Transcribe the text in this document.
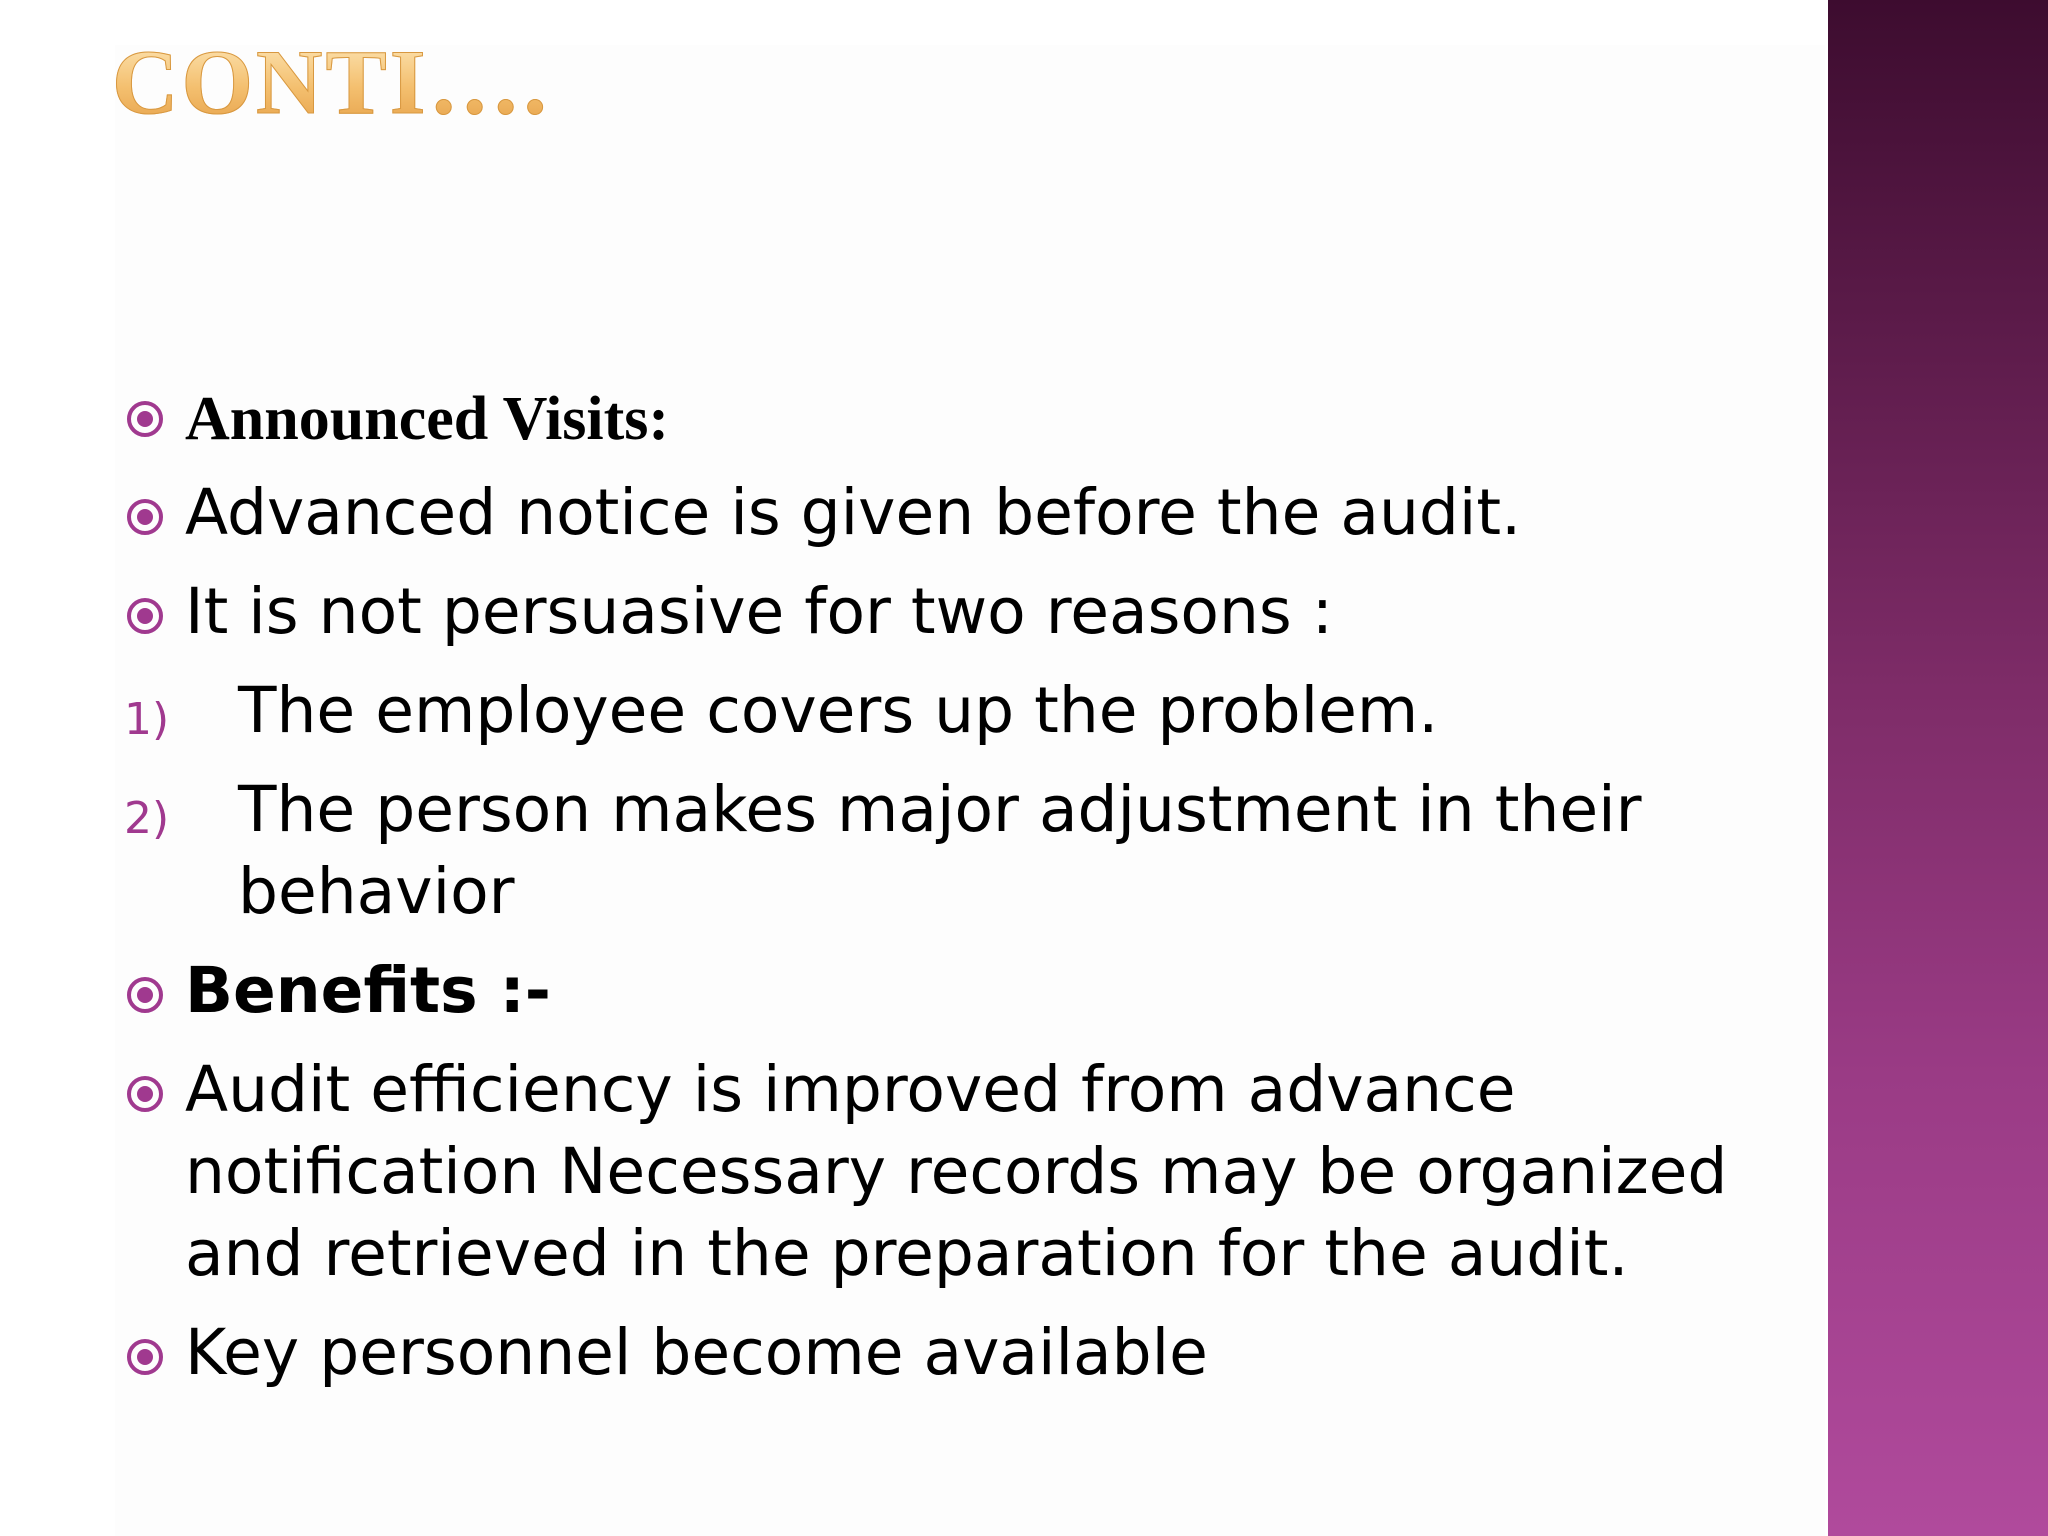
CONTI….
Announced Visits:
Advanced notice is given before the audit.
It is not persuasive for two reasons :
1) The employee covers up the problem.
2) The person makes major adjustment in their
behavior
Benefits :-
Audit efficiency is improved from advance
notification Necessary records may be organized
and retrieved in the preparation for the audit.
Key personnel become available
